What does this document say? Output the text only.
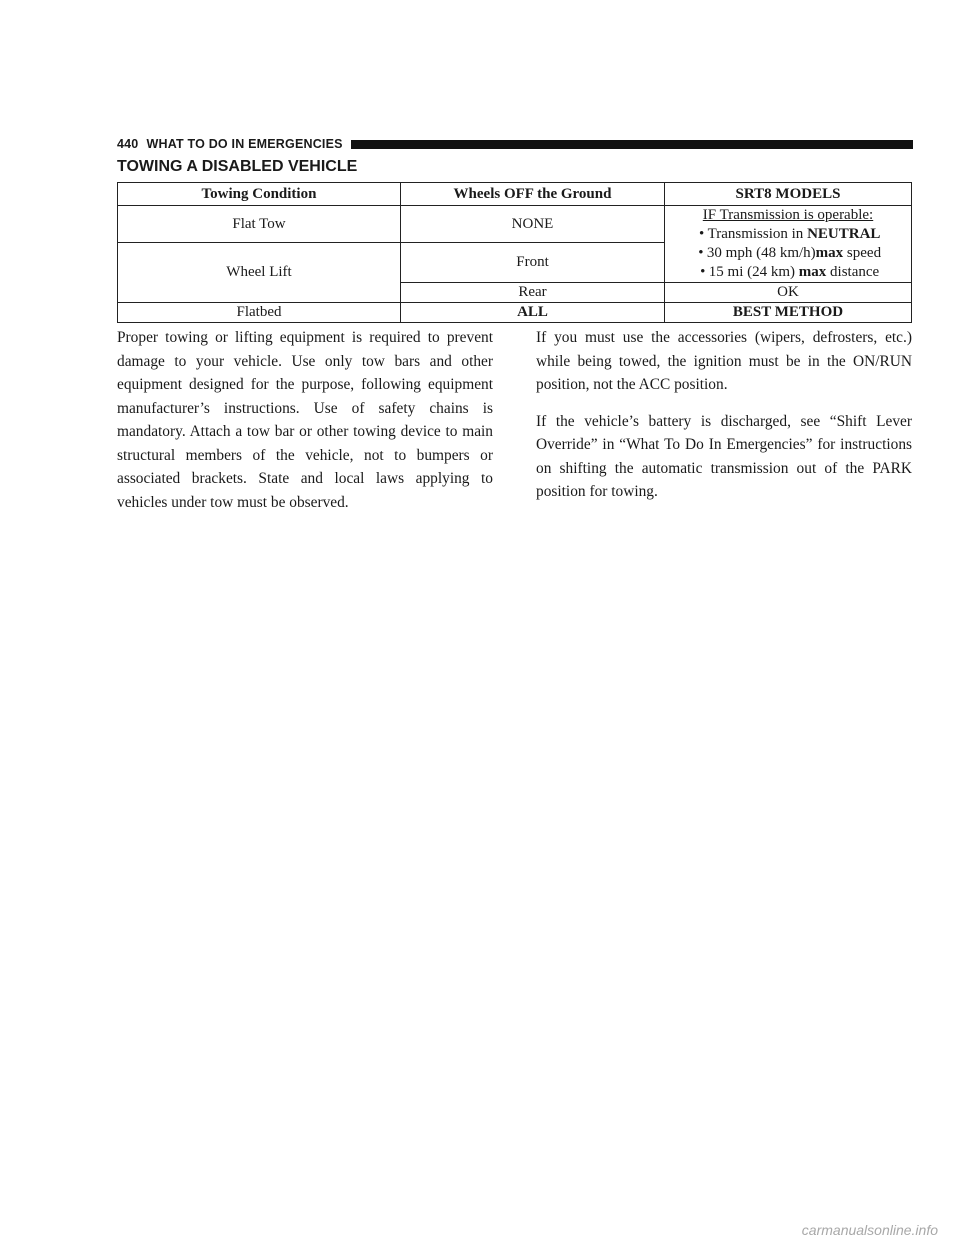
440 WHAT TO DO IN EMERGENCIES
TOWING A DISABLED VEHICLE
Towing Condition	Wheels OFF the Ground	SRT8 MODELS
Flat Tow	NONE	IF Transmission is operable:
• Transmission in NEUTRAL
• 30 mph (48 km/h)max speed
• 15 mi (24 km) max distance

Wheel Lift	Front	
	Rear	OK
Flatbed	ALL	BEST METHOD

Proper towing or lifting equipment is required to prevent damage to your vehicle. Use only tow bars and other equipment designed for the purpose, following equipment manufacturer’s instructions. Use of safety chains is mandatory. Attach a tow bar or other towing device to main structural members of the vehicle, not to bumpers or associated brackets. State and local laws applying to vehicles under tow must be observed.

If you must use the accessories (wipers, defrosters, etc.) while being towed, the ignition must be in the ON/RUN position, not the ACC position.

If the vehicle’s battery is discharged, see “Shift Lever Override” in “What To Do In Emergencies” for instructions on shifting the automatic transmission out of the PARK position for towing.

carmanualsonline.info
